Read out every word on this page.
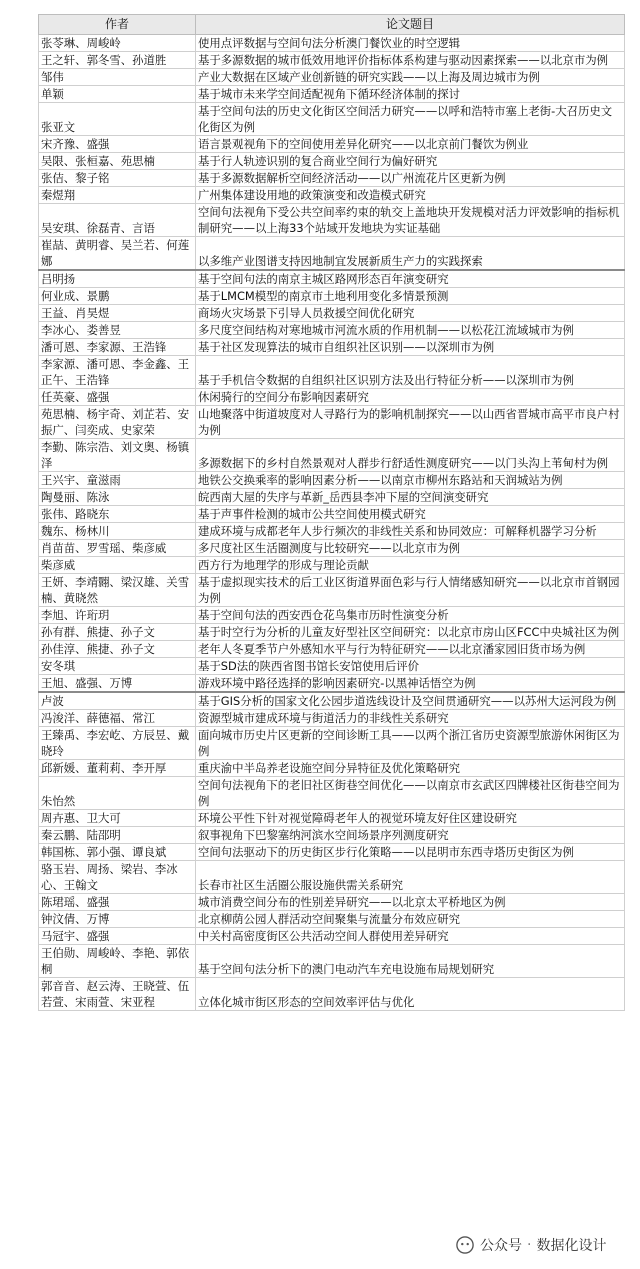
作者	论文题目
张苓琳、周峻岭	使用点评数据与空间句法分析澳门餐饮业的时空逻辑
王之轩、郭冬雪、孙道胜	基于多源数据的城市低效用地评价指标体系构建与驱动因素探索——以北京市为例
邹伟	产业大数据在区域产业创新链的研究实践——以上海及周边城市为例
单颖	基于城市未来学空间适配视角下循环经济体制的探讨
张亚文	基于空间句法的历史文化街区空间活力研究——以呼和浩特市塞上老街-大召历史文化街区为例
宋齐豫、盛强	语言景观视角下的空间使用差异化研究——以北京前门餐饮为例业
吴限、张桓嘉、苑思楠	基于行人轨迹识别的复合商业空间行为偏好研究
张佶、黎子铭	基于多源数据解析空间经济活动——以广州流花片区更新为例
秦煜翔	广州集体建设用地的政策演变和改造模式研究
吴安琪、徐磊青、言语	空间句法视角下受公共空间率约束的轨交上盖地块开发规模对活力评效影响的指标机制研究——以上海33个站域开发地块为实证基础
崔喆、黄明睿、吴兰若、何莲娜	以多维产业图谱支持因地制宜发展新质生产力的实践探索
吕明扬	基于空间句法的南京主城区路网形态百年演变研究
何业成、景鹏	基于LMCM模型的南京市土地利用变化多情景预测
王益、肖昊煜	商场火灾场景下引导人员救援空间优化研究
李冰心、娄善昱	多尺度空间结构对寒地城市河流水质的作用机制——以松花江流域城市为例
潘可恩、李家源、王浩锋	基于社区发现算法的城市自组织社区识别——以深圳市为例
李家源、潘可恩、李金鑫、王正午、王浩锋	基于手机信令数据的自组织社区识别方法及出行特征分析——以深圳市为例
任英豪、盛强	休闲骑行的空间分布影响因素研究
苑思楠、杨宇奇、刘芷若、安振广、闫奕成、史家荣	山地聚落中街道坡度对人寻路行为的影响机制探究——以山西省晋城市高平市良户村为例
李勤、陈宗浩、刘文奥、杨镇泽	多源数据下的乡村自然景观对人群步行舒适性测度研究——以门头沟上苇甸村为例
王兴宇、童滋雨	地铁公交换乘率的影响因素分析——以南京市柳州东路站和天润城站为例
陶曼丽、陈泳	皖西南大屋的失序与革新_岳西县李冲下屋的空间演变研究
张伟、路晓东	基于声事件检测的城市公共空间使用模式研究
魏东、杨林川	建成环境与成都老年人步行频次的非线性关系和协同效应：可解释机器学习分析
肖苗苗、罗雪瑶、柴彦威	多尺度社区生活圈测度与比较研究——以北京市为例
柴彦威	西方行为地理学的形成与理论贡献
王妍、李靖翾、梁汉雄、关雪楠、黄晓然	基于虚拟现实技术的后工业区街道界面色彩与行人情绪感知研究——以北京市首钢园为例
李旭、许珩玥	基于空间句法的西安西仓花鸟集市历时性演变分析
孙有群、熊捷、孙子文	基于时空行为分析的儿童友好型社区空间研究：以北京市房山区FCC中央城社区为例
孙佳淳、熊捷、孙子文	老年人冬夏季节户外感知水平与行为特征研究——以北京潘家园旧货市场为例
安冬琪	基于SD法的陕西省图书馆长安馆使用后评价
王旭、盛强、万博	游戏环境中路径选择的影响因素研究-以黑神话悟空为例
卢波	基于GIS分析的国家文化公园步道选线设计及空间贯通研究——以苏州大运河段为例
冯浚洋、薛德福、常江	资源型城市建成环境与街道活力的非线性关系研究
王臻禹、李宏屹、方辰昱、戴晓玲	面向城市历史片区更新的空间诊断工具——以两个浙江省历史资源型旅游休闲街区为例
邱新媛、董莉莉、李开厚	重庆渝中半岛养老设施空间分异特征及优化策略研究
朱怡然	空间句法视角下的老旧社区街巷空间优化——以南京市玄武区四牌楼社区街巷空间为例
周卉惠、卫大可	环境公平性下针对视觉障碍老年人的视觉环境友好住区建设研究
秦云鹏、陆邵明	叙事视角下巴黎塞纳河滨水空间场景序列测度研究
韩国栋、郭小强、谭良斌	空间句法驱动下的历史街区步行化策略——以昆明市东西寺塔历史街区为例
骆玉岩、周扬、梁岩、李冰心、王翰文	长春市社区生活圈公服设施供需关系研究
陈珺瑶、盛强	城市消费空间分布的性别差异研究——以北京太平桥地区为例
钟汶倩、万博	北京柳荫公园人群活动空间聚集与流量分布效应研究
马冠宇、盛强	中关村高密度街区公共活动空间人群使用差异研究
王伯勋、周峻岭、李艳、郭依桐	基于空间句法分析下的澳门电动汽车充电设施布局规划研究
郭音音、赵云涛、王晓萱、伍若萱、宋雨萱、宋亚程	立体化城市街区形态的空间效率评估与优化
公众号 · 数据化设计
